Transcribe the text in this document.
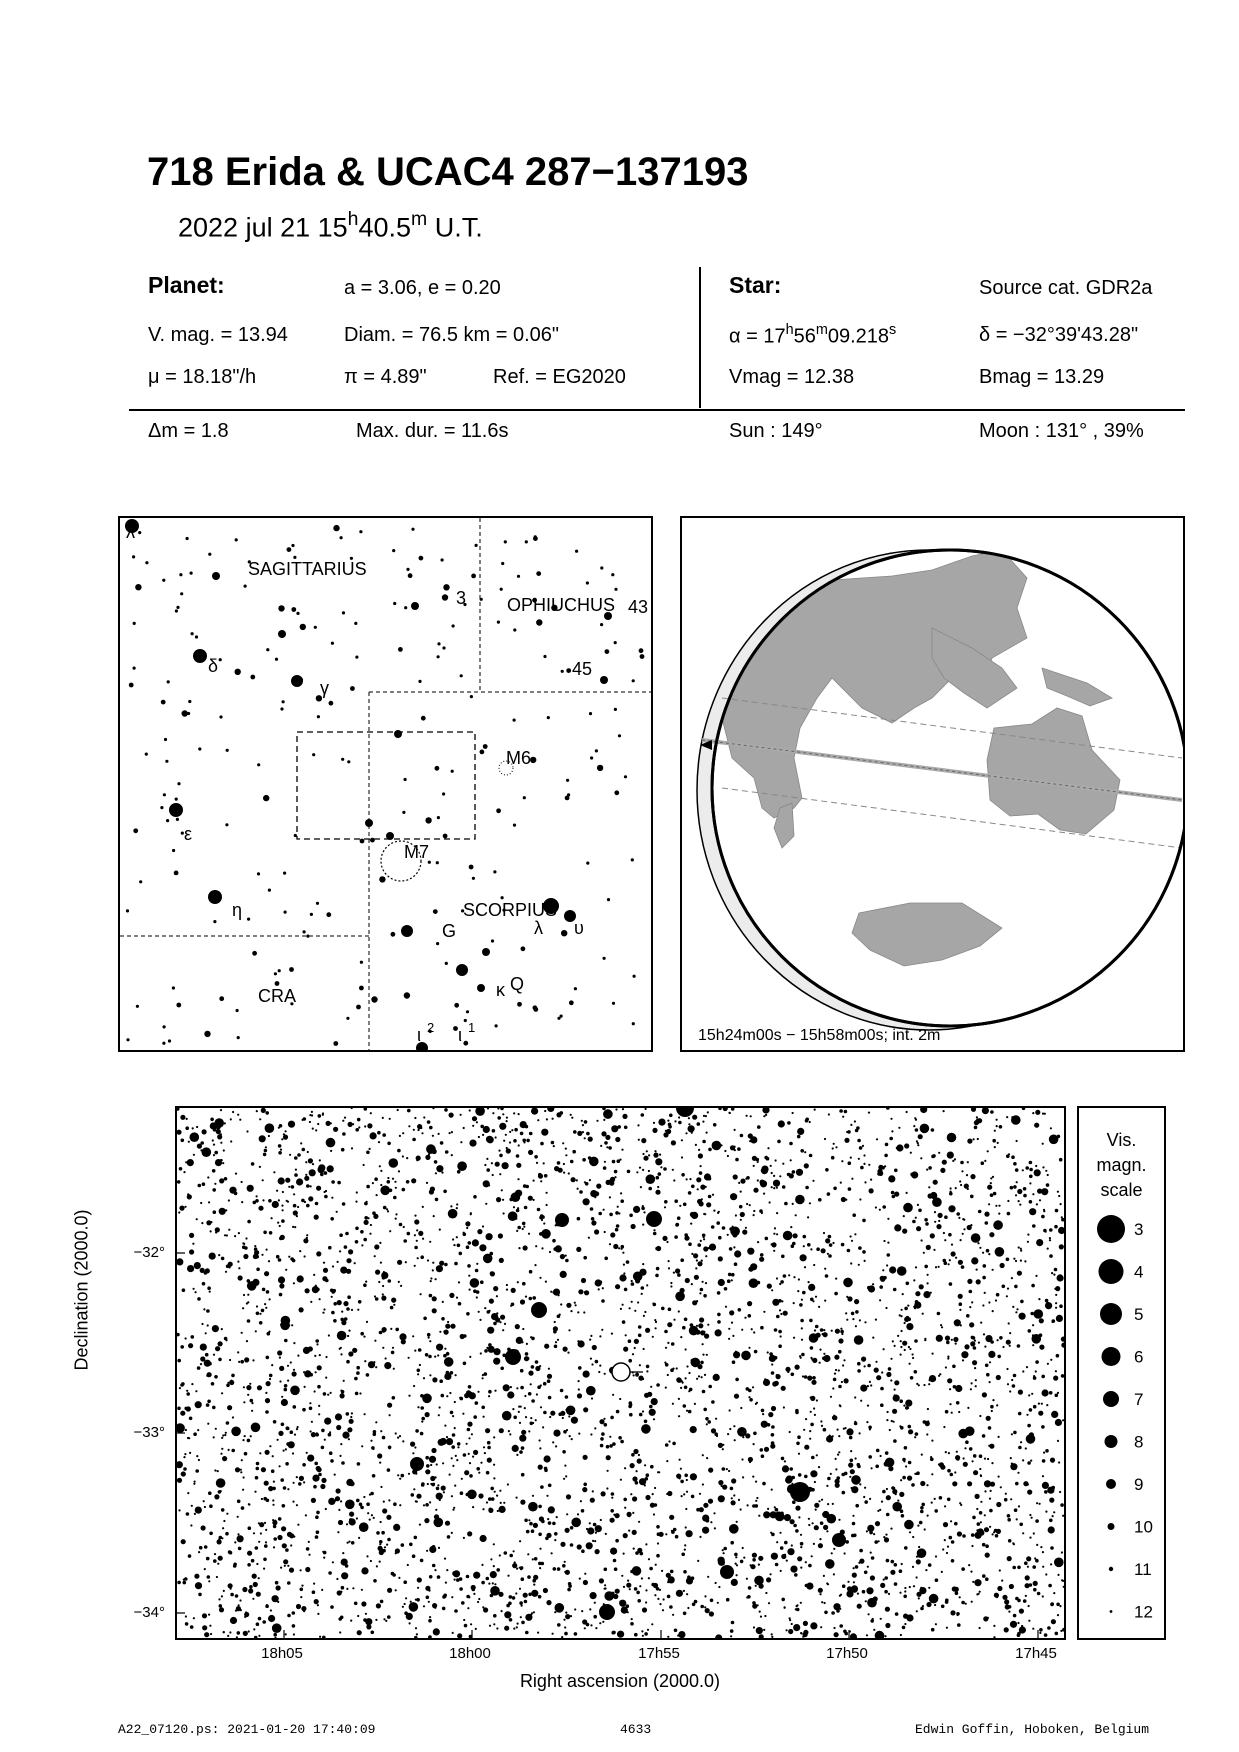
718 Erida & UCAC4 287−137193
2022 jul 21 15$^h$40.5$^m$ U.T.
Planet:	a = 3.06, e = 0.20
V. mag. = 13.94	Diam. = 76.5 km = 0.06"
μ = 18.18"/h	π = 4.89"	Ref. = EG2020
Star:	Source cat. GDR2a
$\alpha = 17^h56^m09.218^s$	δ = −32°39'43.28"
Vmag = 12.38	Bmag = 13.29
Δm = 1.8	Max. dur. = 11.6s	Sun : 149°	Moon : 131° , 39%
SAGITTARIUS
OPHIUCHUS
SCORPIUS
CRA
λ
δ
γ
ε
η
3	43
45
M6
M7
G	λ υ
κ Q
ι 2 ι 1	15h24m00s − 15h58m00s; int. 2m
Declination (2000.0)	−32°
−33°
−34°
18h05	18h00	17h55	17h50	17h45
Right ascension (2000.0)
Vis.
magn.
scale
3
4
5
6
7
8
9
10
11
12
A22_07120.ps: 2021-01-20 17:40:09	4633	Edwin Goffin, Hoboken, Belgium
